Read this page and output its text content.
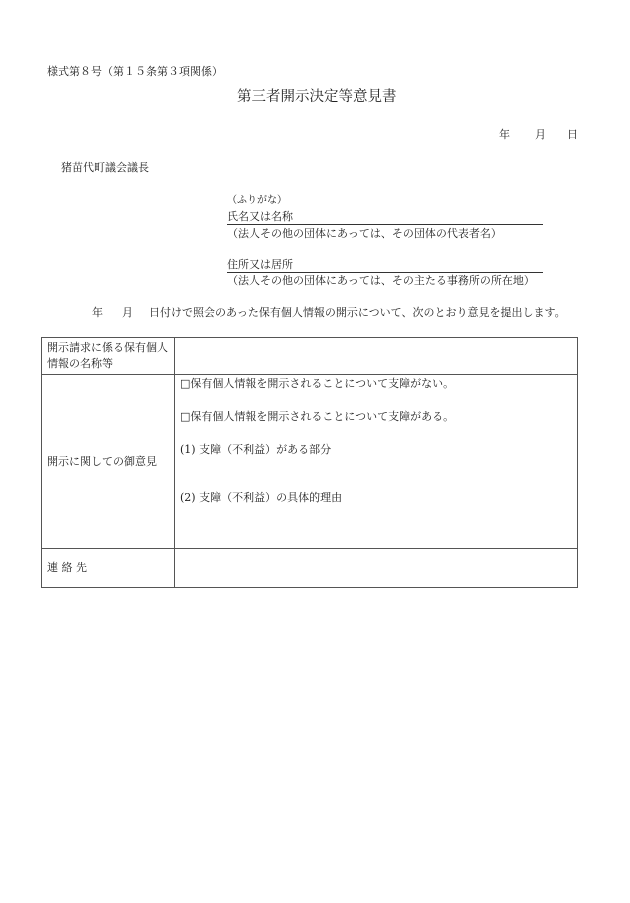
様式第８号（第１５条第３項関係）
第三者開示決定等意見書
年 月 日
猪苗代町議会議長
（ふりがな）
氏名又は名称
（法人その他の団体にあっては、その団体の代表者名）
住所又は居所
（法人その他の団体にあっては、その主たる事務所の所在地）
年 月 日付けで照会のあった保有個人情報の開示について、次のとおり意見を提出します。
開示請求に係る保有個人情報の名称等	
開示に関しての御意見	□保有個人情報を開示されることについて支障がない。

□保有個人情報を開示されることについて支障がある。

(1) 支障（不利益）がある部分

(2) 支障（不利益）の具体的理由

連 絡 先	
